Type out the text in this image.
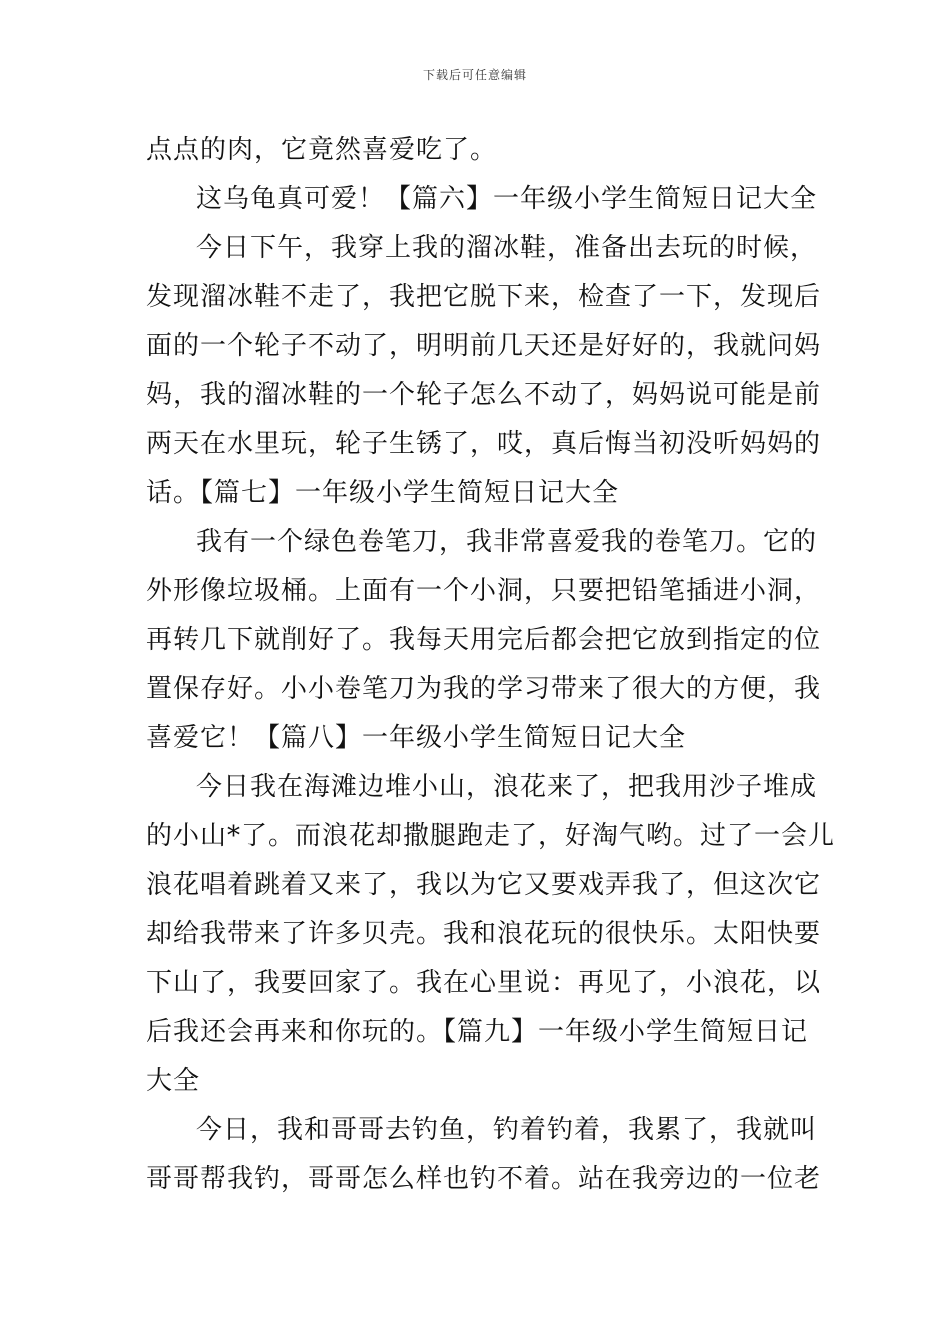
下载后可任意编辑
点点的肉，它竟然喜爱吃了。
这乌龟真可爱！【篇六】一年级小学生简短日记大全
今日下午，我穿上我的溜冰鞋，准备出去玩的时候，
发现溜冰鞋不走了，我把它脱下来，检查了一下，发现后
面的一个轮子不动了，明明前几天还是好好的，我就问妈
妈，我的溜冰鞋的一个轮子怎么不动了，妈妈说可能是前
两天在水里玩，轮子生锈了，哎，真后悔当初没听妈妈的
话。【篇七】一年级小学生简短日记大全
我有一个绿色卷笔刀，我非常喜爱我的卷笔刀。它的
外形像垃圾桶。上面有一个小洞，只要把铅笔插进小洞，
再转几下就削好了。我每天用完后都会把它放到指定的位
置保存好。小小卷笔刀为我的学习带来了很大的方便，我
喜爱它！【篇八】一年级小学生简短日记大全
今日我在海滩边堆小山，浪花来了，把我用沙子堆成
的小山*了。而浪花却撒腿跑走了，好淘气哟。过了一会儿
浪花唱着跳着又来了，我以为它又要戏弄我了，但这次它
却给我带来了许多贝壳。我和浪花玩的很快乐。太阳快要
下山了，我要回家了。我在心里说：再见了，小浪花，以
后我还会再来和你玩的。【篇九】一年级小学生简短日记
大全
今日，我和哥哥去钓鱼，钓着钓着，我累了，我就叫
哥哥帮我钓，哥哥怎么样也钓不着。站在我旁边的一位老
